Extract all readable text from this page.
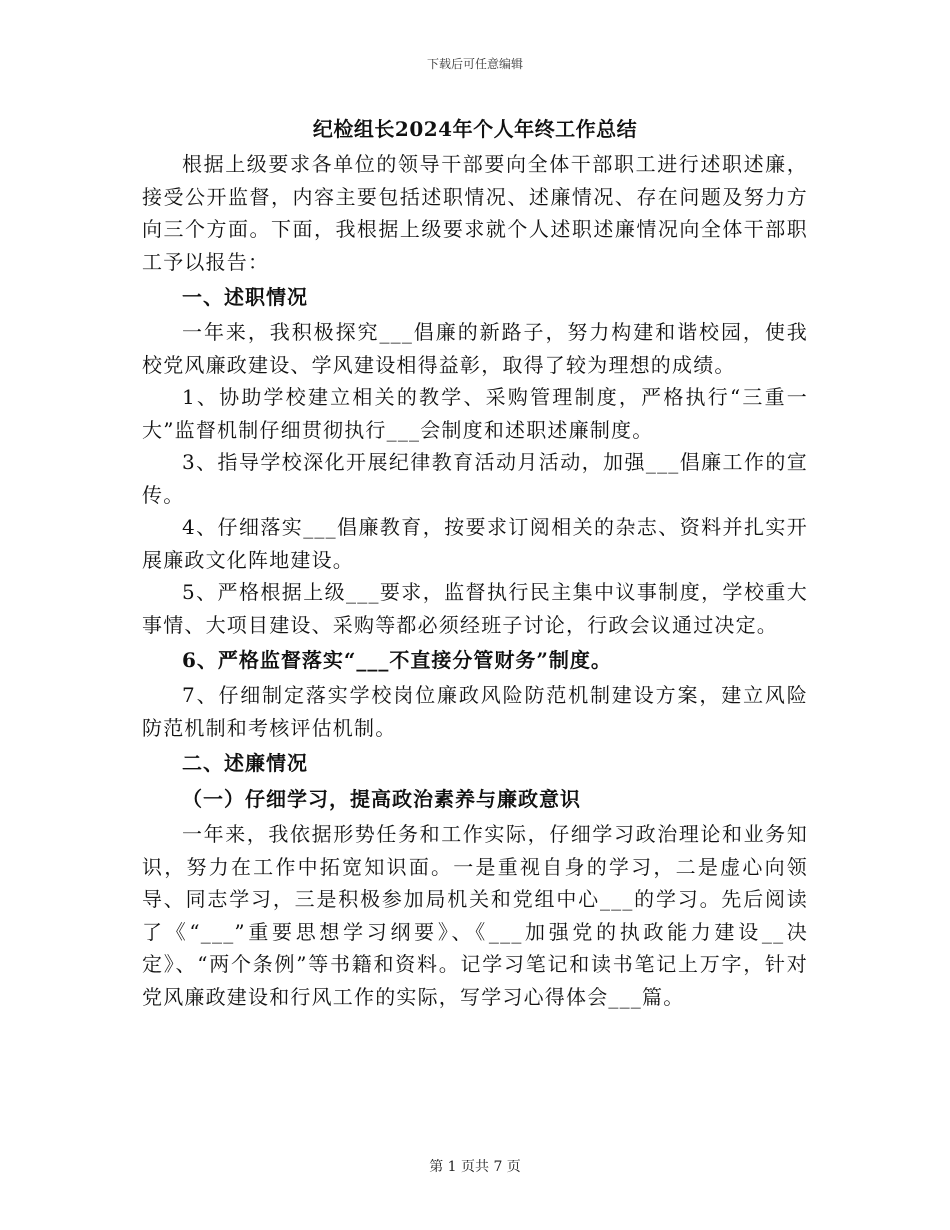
下载后可任意编辑
纪检组长2024年个人年终工作总结

根据上级要求各单位的领导干部要向全体干部职工进行述职述廉，接受公开监督，内容主要包括述职情况、述廉情况、存在问题及努力方向三个方面。下面，我根据上级要求就个人述职述廉情况向全体干部职工予以报告：

一、述职情况

一年来，我积极探究___倡廉的新路子，努力构建和谐校园，使我校党风廉政建设、学风建设相得益彰，取得了较为理想的成绩。

1、协助学校建立相关的教学、采购管理制度，严格执行“三重一大”监督机制仔细贯彻执行___会制度和述职述廉制度。

3、指导学校深化开展纪律教育活动月活动，加强___倡廉工作的宣传。

4、仔细落实___倡廉教育，按要求订阅相关的杂志、资料并扎实开展廉政文化阵地建设。

5、严格根据上级___要求，监督执行民主集中议事制度，学校重大事情、大项目建设、采购等都必须经班子讨论，行政会议通过决定。

6、严格监督落实“___不直接分管财务”制度。

7、仔细制定落实学校岗位廉政风险防范机制建设方案，建立风险防范机制和考核评估机制。

二、述廉情况

（一）仔细学习，提高政治素养与廉政意识

一年来，我依据形势任务和工作实际，仔细学习政治理论和业务知识，努力在工作中拓宽知识面。一是重视自身的学习，二是虚心向领导、同志学习，三是积极参加局机关和党组中心___的学习。先后阅读了《“___”重要思想学习纲要》、《___加强党的执政能力建设__决定》、“两个条例”等书籍和资料。记学习笔记和读书笔记上万字，针对党风廉政建设和行风工作的实际，写学习心得体会___篇。

第 1 页共 7 页
